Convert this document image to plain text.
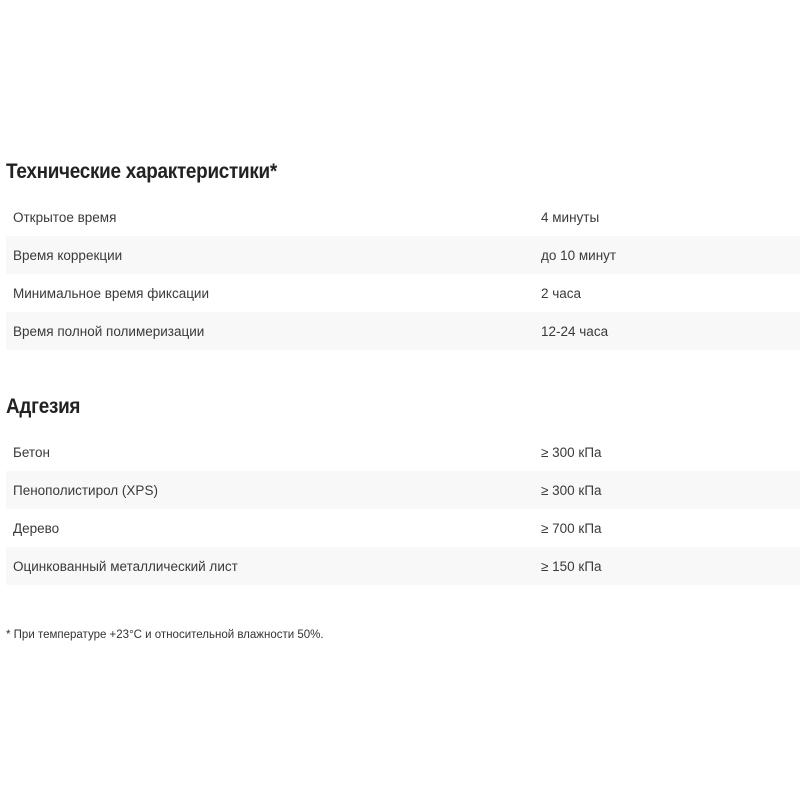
Технические характеристики*
Открытое время	4 минуты
Время коррекции	до 10 минут
Минимальное время фиксации	2 часа
Время полной полимеризации	12-24 часа
Адгезия
Бетон	≥ 300 кПа
Пенополистирол (XPS)	≥ 300 кПа
Дерево	≥ 700 кПа
Оцинкованный металлический лист	≥ 150 кПа
* При температуре +23°С и относительной влажности 50%.
